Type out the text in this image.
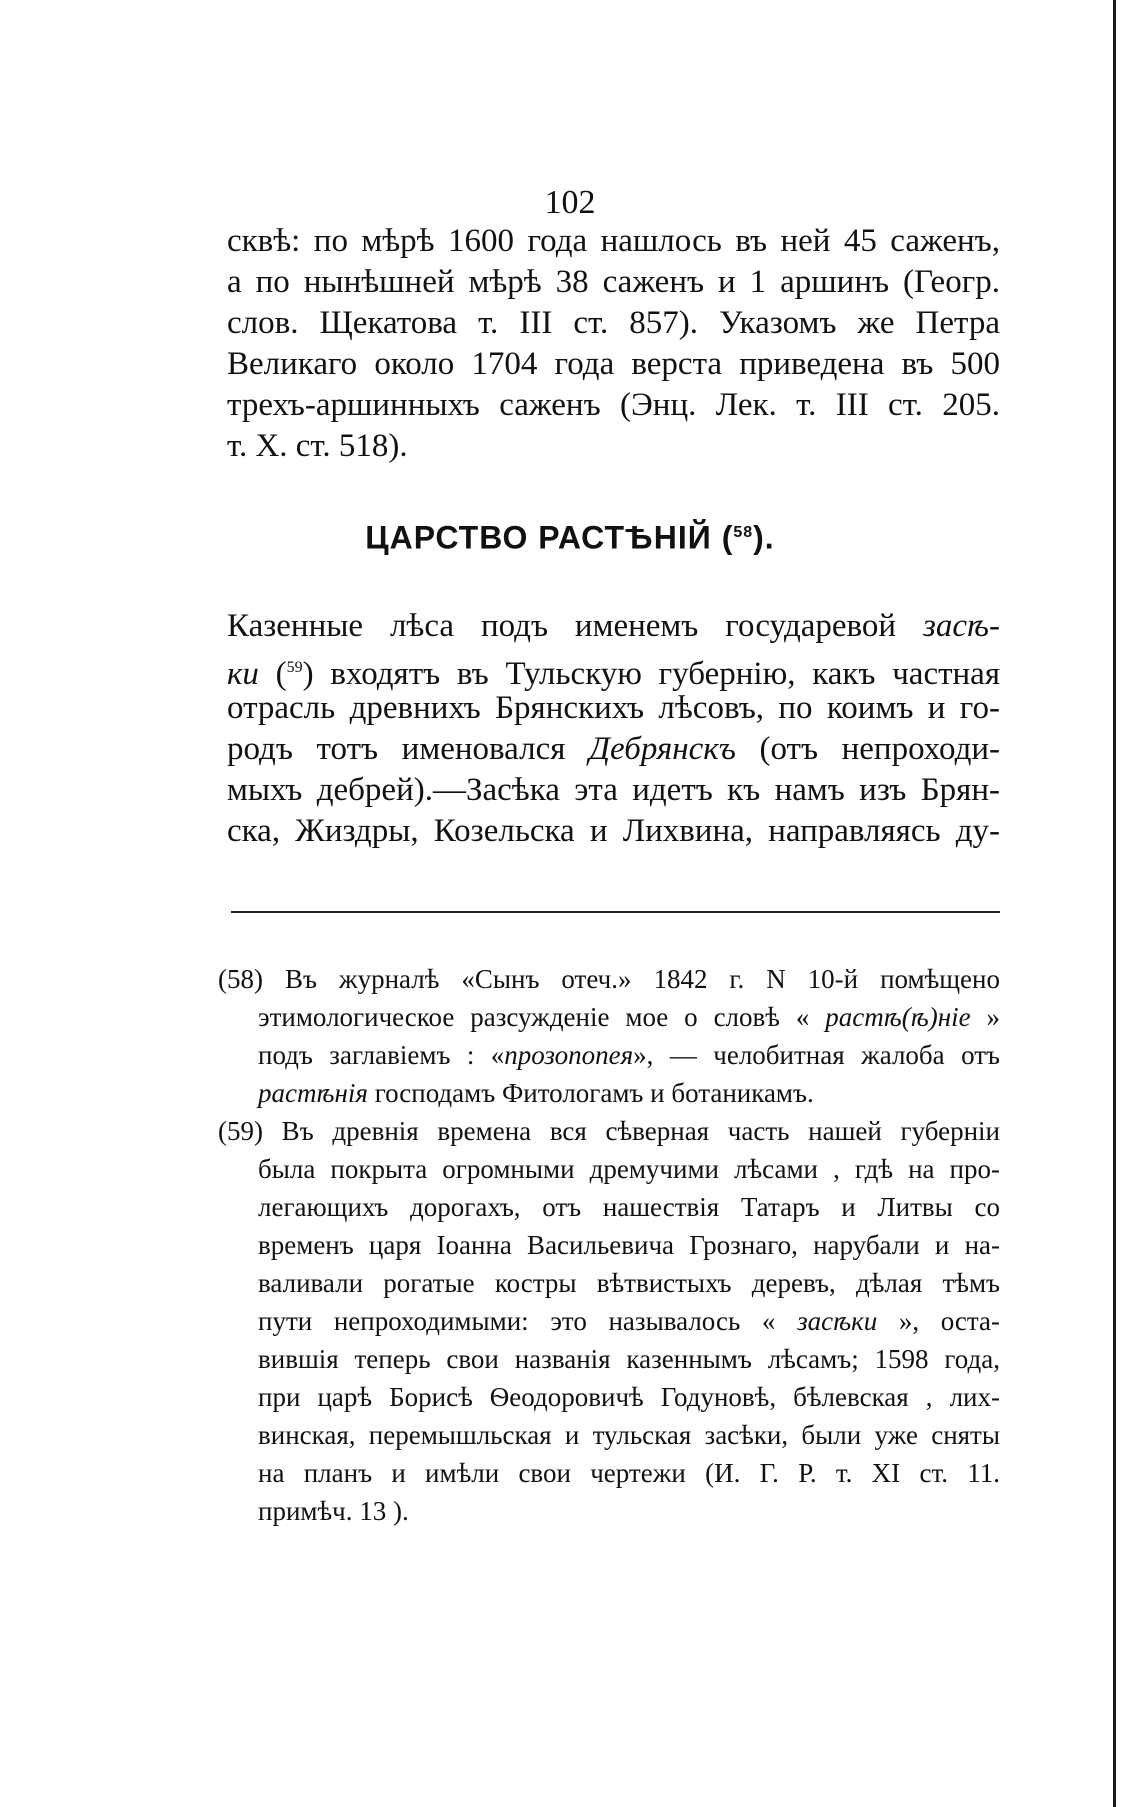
102
сквѣ: по мѣрѣ 1600 года нашлось въ ней 45 саженъ,
а по нынѣшней мѣрѣ 38 саженъ и 1 аршинъ (Геогр.
слов. Щекатова т. III ст. 857). Указомъ же Петра
Великаго около 1704 года верста приведена въ 500
трехъ-аршинныхъ саженъ (Энц. Лек. т. III ст. 205.
т. X. ст. 518).
ЦАРСТВО РАСТѢНІЙ ($^{58}$).
Казенные лѣса подъ именемъ государевой засѣ-
ки ($^{59}$) входятъ въ Тульскую губернію, какъ частная
отрасль древнихъ Брянскихъ лѣсовъ, по коимъ и го-
родъ тотъ именовался Дебрянскъ (отъ непроходи-
мыхъ дебрей).—Засѣка эта идетъ къ намъ изъ Брян-
ска, Жиздры, Козельска и Лихвина, направляясь ду-
(58) Въ журналѣ «Сынъ отеч.» 1842 г. N 10-й помѣщено
этимологическое разсужденіе мое о словѣ « растѣ(ѣ)ніе »
подъ заглавіемъ : «прозопопея», — челобитная жалоба отъ
растѣнія господамъ Фитологамъ и ботаникамъ.
(59) Въ древнія времена вся сѣверная часть нашей губерніи
была покрыта огромными дремучими лѣсами , гдѣ на про-
легающихъ дорогахъ, отъ нашествія Татаръ и Литвы со
временъ царя Іоанна Васильевича Грознаго, нарубали и на-
валивали рогатые костры вѣтвистыхъ деревъ, дѣлая тѣмъ
пути непроходимыми: это называлось « засѣки », оста-
вившія теперь свои названія казеннымъ лѣсамъ; 1598 года,
при царѣ Борисѣ Ѳеодоровичѣ Годуновѣ, бѣлевская , лих-
винская, перемышльская и тульская засѣки, были уже сняты
на планъ и имѣли свои чертежи (И. Г. Р. т. XI ст. 11.
примѣч. 13 ).
